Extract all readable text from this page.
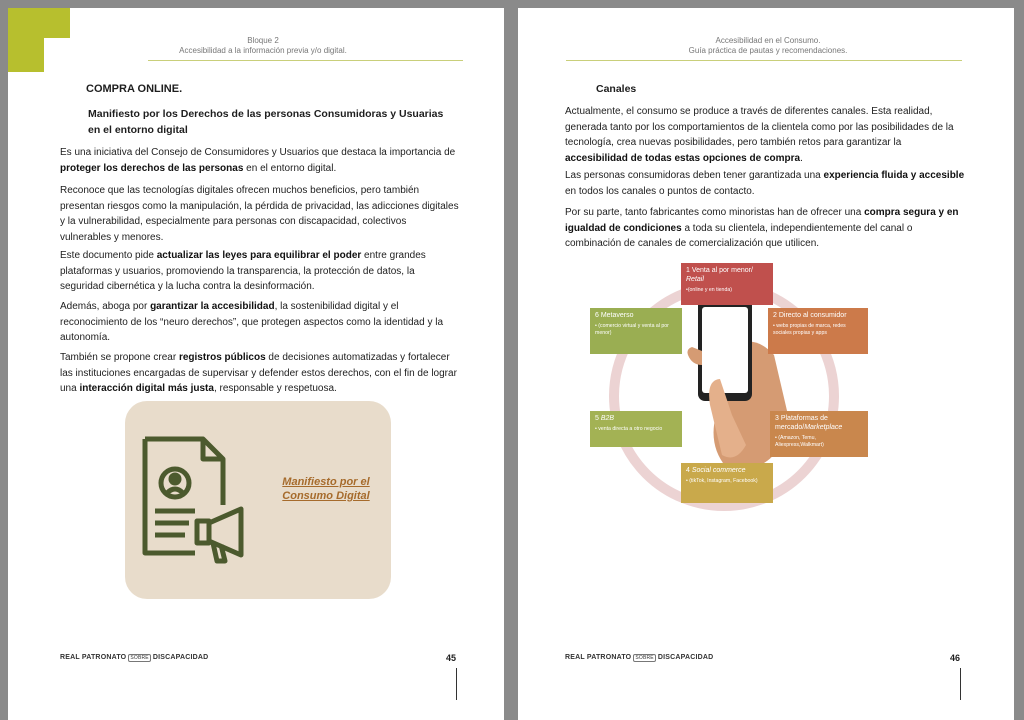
Bloque 2
Accesibilidad a la información previa y/o digital.
COMPRA ONLINE.
Manifiesto por los Derechos de las personas Consumidoras y Usuarias en el entorno digital

Es una iniciativa del Consejo de Consumidores y Usuarios que destaca la importancia de proteger los derechos de las personas en el entorno digital.

Reconoce que las tecnologías digitales ofrecen muchos beneficios, pero también presentan riesgos como la manipulación, la pérdida de privacidad, las adicciones digitales y la vulnerabilidad, especialmente para personas con discapacidad, colectivos vulnerables y menores.

Este documento pide actualizar las leyes para equilibrar el poder entre grandes plataformas y usuarios, promoviendo la transparencia, la protección de datos, la seguridad cibernética y la lucha contra la desinformación.

Además, aboga por garantizar la accesibilidad, la sostenibilidad digital y el reconocimiento de los “neuro derechos”, que protegen aspectos como la identidad y la autonomía.

También se propone crear registros públicos de decisiones automatizadas y fortalecer las instituciones encargadas de supervisar y defender estos derechos, con el fin de lograr una interacción digital más justa, responsable y respetuosa.

Manifiesto por el Consumo Digital
REAL PATRONATO SOBRE DISCAPACIDAD	45
Accesibilidad en el Consumo.
Guía práctica de pautas y recomendaciones.
Canales

Actualmente, el consumo se produce a través de diferentes canales. Esta realidad, generada tanto por los comportamientos de la clientela como por las posibilidades de la tecnología, crea nuevas posibilidades, pero también retos para garantizar la accesibilidad de todas estas opciones de compra.

Las personas consumidoras deben tener garantizada una experiencia fluida y accesible en todos los canales o puntos de contacto.

Por su parte, tanto fabricantes como minoristas han de ofrecer una compra segura y en igualdad de condiciones a toda su clientela, independientemente del canal o combinación de canales de comercialización que utilicen.

1 Venta al por menor/
Retail
•(online y en tienda)
2 Directo al consumidor
• webs propias de marca, redes sociales propias y apps
3 Plataformas de mercado/Marketplace
• (Amazon, Temu, Aliexpress,Walkmart)
4 Social commerce
• (tikTok, Instagram, Facebook)
5 B2B
• venta directa a otro negocio
6 Metaverso
• (comercio virtual y venta al por menor)
REAL PATRONATO SOBRE DISCAPACIDAD	46
